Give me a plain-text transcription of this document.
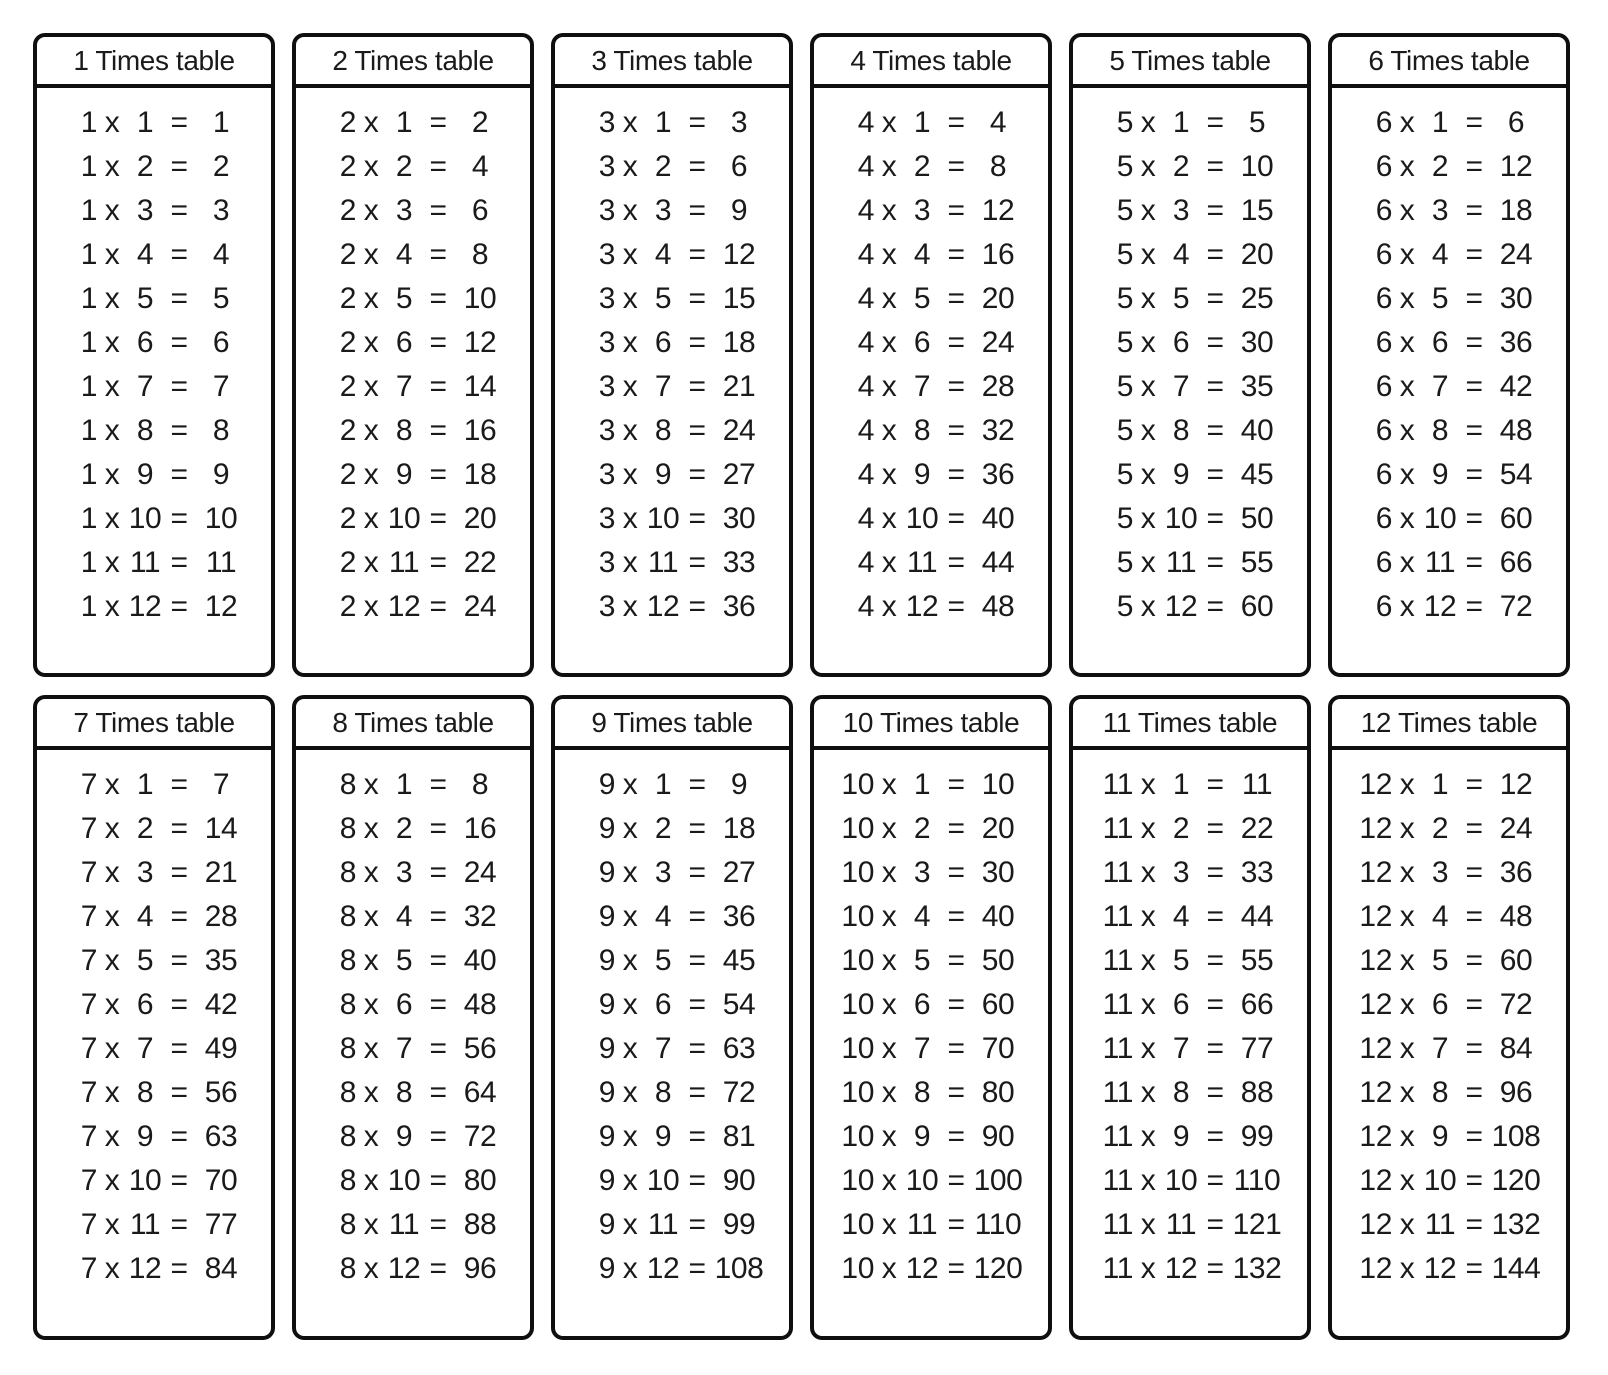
1 Times table
1 x 1 = 1
1 x 2 = 2
1 x 3 = 3
1 x 4 = 4
1 x 5 = 5
1 x 6 = 6
1 x 7 = 7
1 x 8 = 8
1 x 9 = 9
1 x 10 = 10
1 x 11 = 11
1 x 12 = 12
2 Times table
2 x 1 = 2
2 x 2 = 4
2 x 3 = 6
2 x 4 = 8
2 x 5 = 10
2 x 6 = 12
2 x 7 = 14
2 x 8 = 16
2 x 9 = 18
2 x 10 = 20
2 x 11 = 22
2 x 12 = 24
3 Times table
3 x 1 = 3
3 x 2 = 6
3 x 3 = 9
3 x 4 = 12
3 x 5 = 15
3 x 6 = 18
3 x 7 = 21
3 x 8 = 24
3 x 9 = 27
3 x 10 = 30
3 x 11 = 33
3 x 12 = 36
4 Times table
4 x 1 = 4
4 x 2 = 8
4 x 3 = 12
4 x 4 = 16
4 x 5 = 20
4 x 6 = 24
4 x 7 = 28
4 x 8 = 32
4 x 9 = 36
4 x 10 = 40
4 x 11 = 44
4 x 12 = 48
5 Times table
5 x 1 = 5
5 x 2 = 10
5 x 3 = 15
5 x 4 = 20
5 x 5 = 25
5 x 6 = 30
5 x 7 = 35
5 x 8 = 40
5 x 9 = 45
5 x 10 = 50
5 x 11 = 55
5 x 12 = 60
6 Times table
6 x 1 = 6
6 x 2 = 12
6 x 3 = 18
6 x 4 = 24
6 x 5 = 30
6 x 6 = 36
6 x 7 = 42
6 x 8 = 48
6 x 9 = 54
6 x 10 = 60
6 x 11 = 66
6 x 12 = 72
7 Times table
7 x 1 = 7
7 x 2 = 14
7 x 3 = 21
7 x 4 = 28
7 x 5 = 35
7 x 6 = 42
7 x 7 = 49
7 x 8 = 56
7 x 9 = 63
7 x 10 = 70
7 x 11 = 77
7 x 12 = 84
8 Times table
8 x 1 = 8
8 x 2 = 16
8 x 3 = 24
8 x 4 = 32
8 x 5 = 40
8 x 6 = 48
8 x 7 = 56
8 x 8 = 64
8 x 9 = 72
8 x 10 = 80
8 x 11 = 88
8 x 12 = 96
9 Times table
9 x 1 = 9
9 x 2 = 18
9 x 3 = 27
9 x 4 = 36
9 x 5 = 45
9 x 6 = 54
9 x 7 = 63
9 x 8 = 72
9 x 9 = 81
9 x 10 = 90
9 x 11 = 99
9 x 12 = 108
10 Times table
10 x 1 = 10
10 x 2 = 20
10 x 3 = 30
10 x 4 = 40
10 x 5 = 50
10 x 6 = 60
10 x 7 = 70
10 x 8 = 80
10 x 9 = 90
10 x 10 = 100
10 x 11 = 110
10 x 12 = 120
11 Times table
11 x 1 = 11
11 x 2 = 22
11 x 3 = 33
11 x 4 = 44
11 x 5 = 55
11 x 6 = 66
11 x 7 = 77
11 x 8 = 88
11 x 9 = 99
11 x 10 = 110
11 x 11 = 121
11 x 12 = 132
12 Times table
12 x 1 = 12
12 x 2 = 24
12 x 3 = 36
12 x 4 = 48
12 x 5 = 60
12 x 6 = 72
12 x 7 = 84
12 x 8 = 96
12 x 9 = 108
12 x 10 = 120
12 x 11 = 132
12 x 12 = 144
